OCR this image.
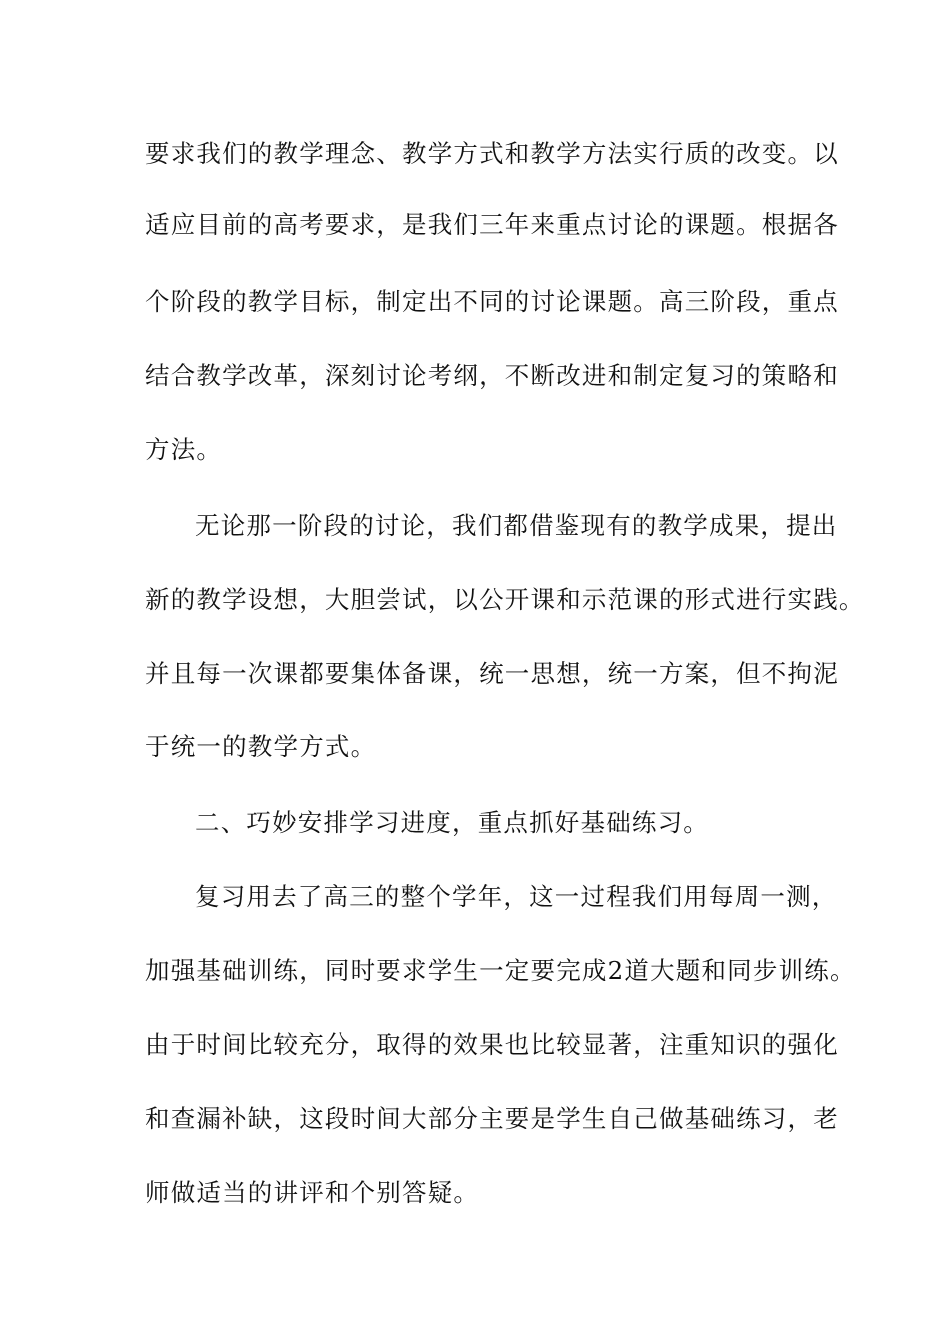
要求我们的教学理念、教学方式和教学方法实行质的改变。以
适应目前的高考要求，是我们三年来重点讨论的课题。根据各
个阶段的教学目标，制定出不同的讨论课题。高三阶段，重点
结合教学改革，深刻讨论考纲，不断改进和制定复习的策略和
方法。
无论那一阶段的讨论，我们都借鉴现有的教学成果，提出
新的教学设想，大胆尝试，以公开课和示范课的形式进行实践。
并且每一次课都要集体备课，统一思想，统一方案，但不拘泥
于统一的教学方式。
二、巧妙安排学习进度，重点抓好基础练习。
复习用去了高三的整个学年，这一过程我们用每周一测，
加强基础训练，同时要求学生一定要完成2道大题和同步训练。
由于时间比较充分，取得的效果也比较显著，注重知识的强化
和查漏补缺，这段时间大部分主要是学生自己做基础练习，老
师做适当的讲评和个别答疑。
